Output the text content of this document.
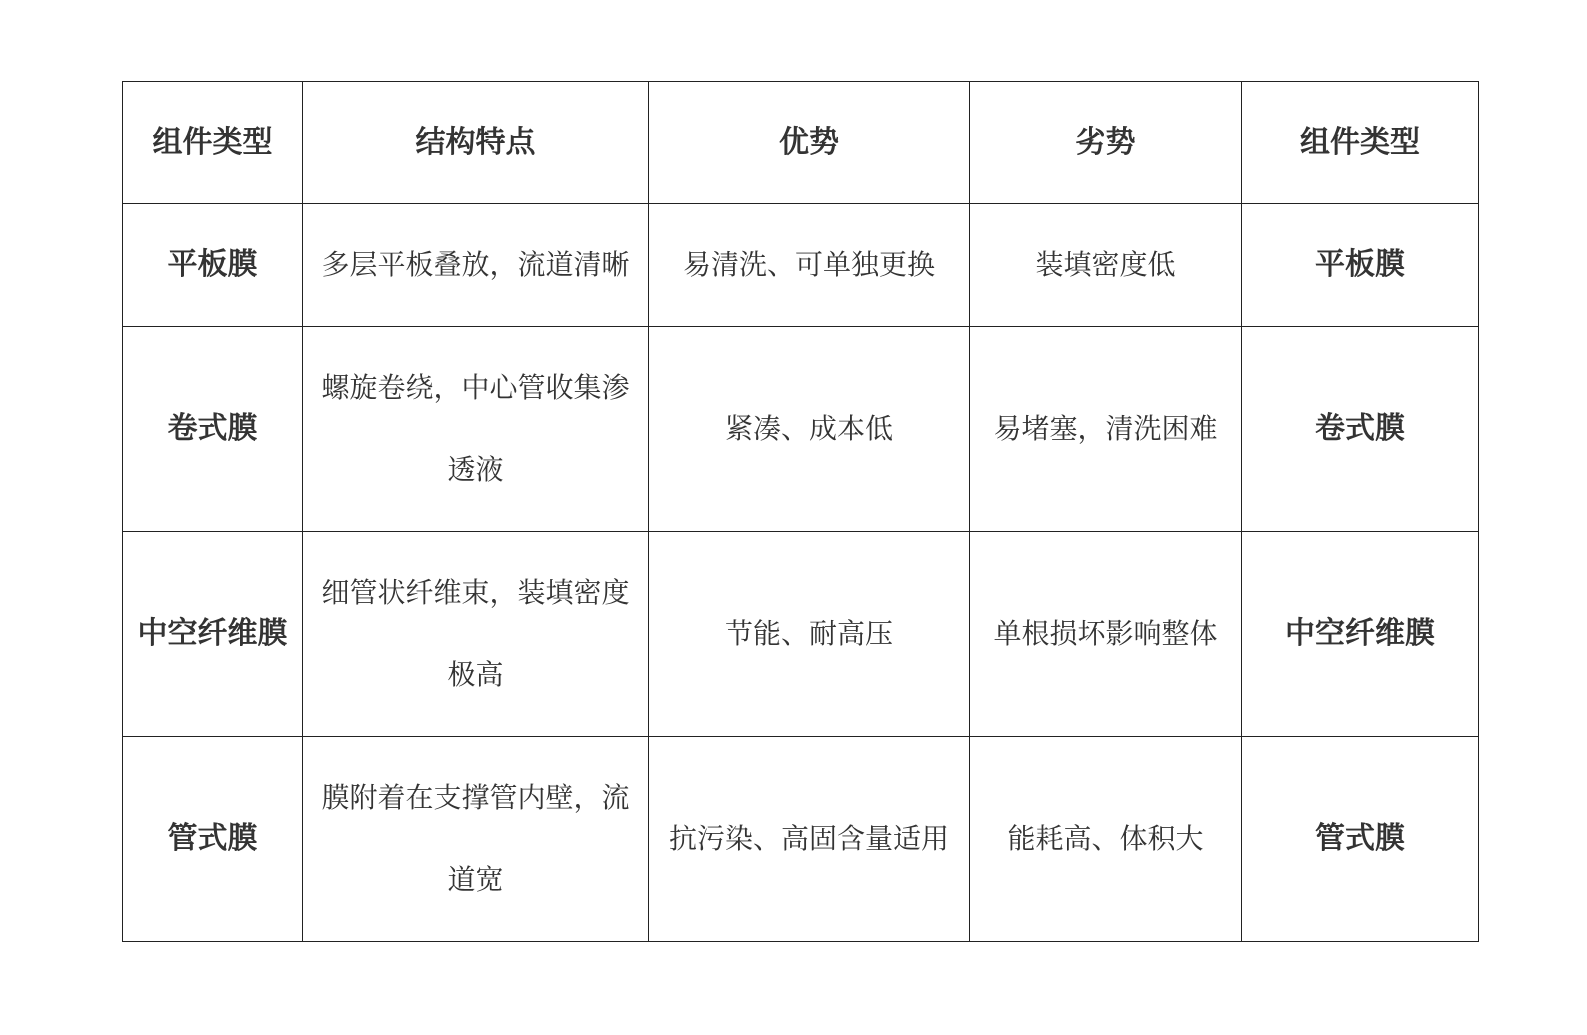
组件类型	结构特点	优势	劣势	组件类型
平板膜	多层平板叠放，流道清晰	易清洗、可单独更换	装填密度低	平板膜
卷式膜	螺旋卷绕，中心管收集渗透液	紧凑、成本低	易堵塞，清洗困难	卷式膜
中空纤维膜	细管状纤维束，装填密度极高	节能、耐高压	单根损坏影响整体	中空纤维膜
管式膜	膜附着在支撑管内壁，流道宽	抗污染、高固含量适用	能耗高、体积大	管式膜
